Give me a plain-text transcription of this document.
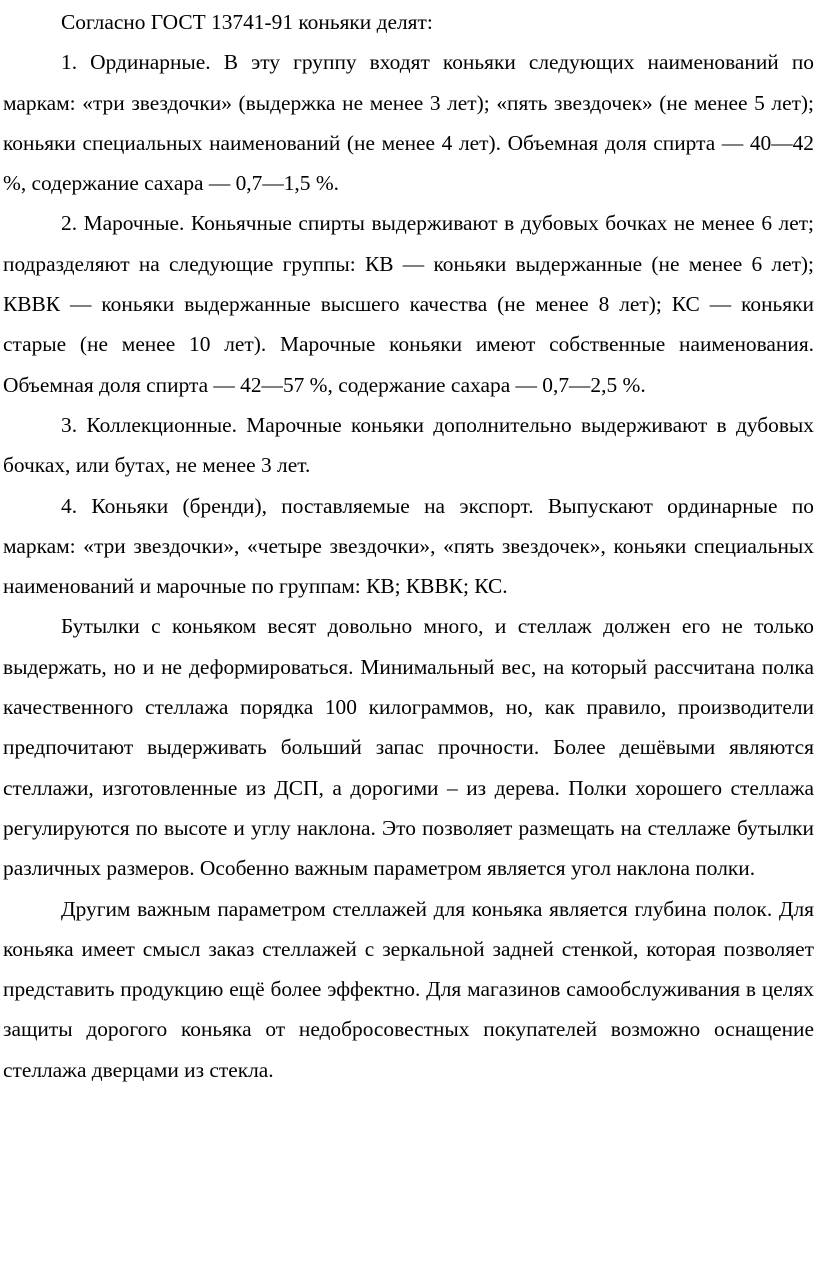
Согласно ГОСТ 13741-91 коньяки делят:

1. Ординарные. В эту группу входят коньяки следующих наименований по маркам: «три звездочки» (выдержка не менее 3 лет); «пять звездочек» (не менее 5 лет); коньяки специальных наименований (не менее 4 лет). Объемная доля спирта — 40—42 %, содержание сахара — 0,7—1,5 %.

2. Марочные. Коньячные спирты выдерживают в дубовых бочках не менее 6 лет; подразделяют на следующие группы: КВ — коньяки выдержанные (не менее 6 лет); КВВК — коньяки выдержанные высшего качества (не менее 8 лет); КС — коньяки старые (не менее 10 лет). Марочные коньяки имеют собственные наименования. Объемная доля спирта — 42—57 %, содержание сахара — 0,7—2,5 %.

3. Коллекционные. Марочные коньяки дополнительно выдерживают в дубовых бочках, или бутах, не менее 3 лет.

4. Коньяки (бренди), поставляемые на экспорт. Выпускают ординарные по маркам: «три звездочки», «четыре звездочки», «пять звездочек», коньяки специальных наименований и марочные по группам: КВ; КВВК; КС.

Бутылки с коньяком весят довольно много, и стеллаж должен его не только выдержать, но и не деформироваться. Минимальный вес, на который рассчитана полка качественного стеллажа порядка 100 килограммов, но, как правило, производители предпочитают выдерживать больший запас прочности. Более дешёвыми являются стеллажи, изготовленные из ДСП, а дорогими – из дерева. Полки хорошего стеллажа регулируются по высоте и углу наклона. Это позволяет размещать на стеллаже бутылки различных размеров. Особенно важным параметром является угол наклона полки.

Другим важным параметром стеллажей для коньяка является глубина полок. Для коньяка имеет смысл заказ стеллажей с зеркальной задней стенкой, которая позволяет представить продукцию ещё более эффектно. Для магазинов самообслуживания в целях защиты дорогого коньяка от недобросовестных покупателей возможно оснащение стеллажа дверцами из стекла.
